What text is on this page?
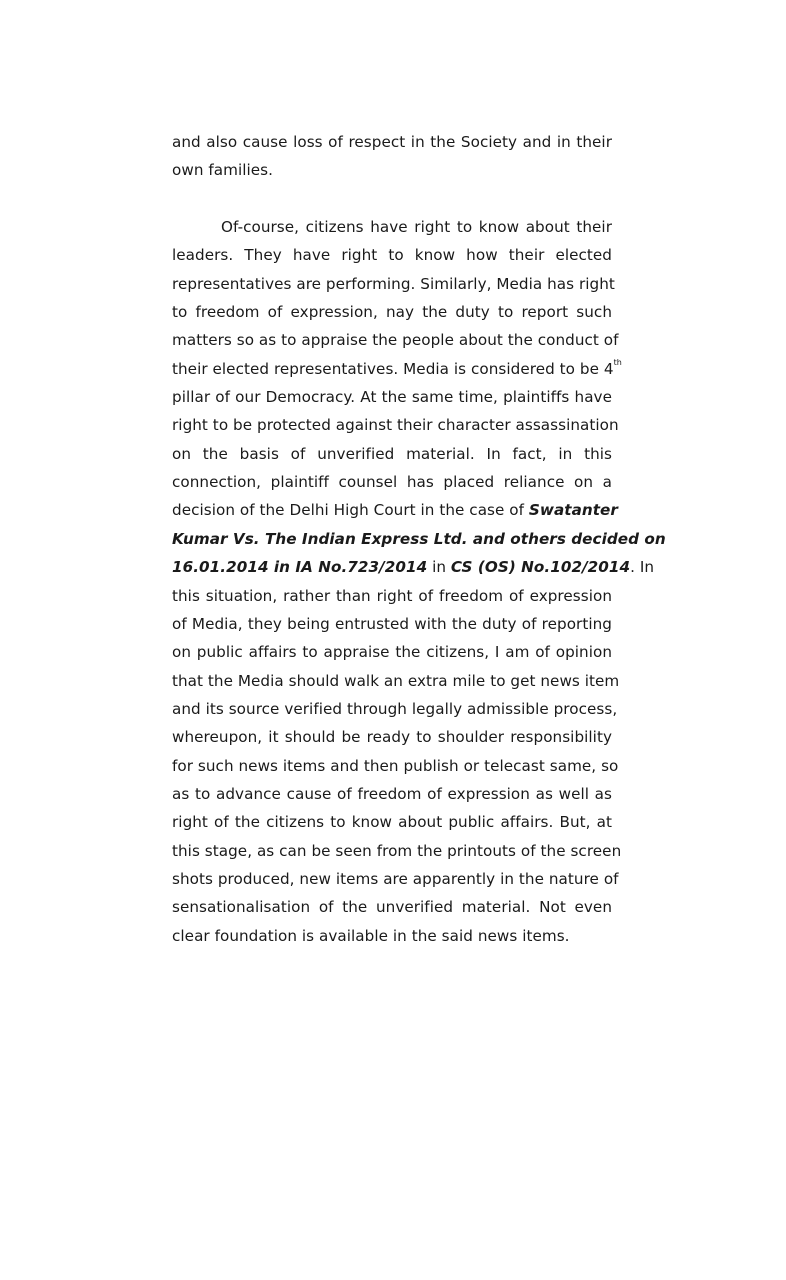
and also cause loss of respect in the Society and in their
own families.
Of-course, citizens have right to know about their
leaders. They have right to know how their elected
representatives are performing. Similarly, Media has right
to freedom of expression, nay the duty to report such
matters so as to appraise the people about the conduct of
their elected representatives. Media is considered to be 4th
pillar of our Democracy. At the same time, plaintiffs have
right to be protected against their character assassination
on the basis of unverified material. In fact, in this
connection, plaintiff counsel has placed reliance on a
decision of the Delhi High Court in the case of Swatanter
Kumar Vs. The Indian Express Ltd. and others decided on
16.01.2014 in IA No.723/2014 in CS (OS) No.102/2014. In
this situation, rather than right of freedom of expression
of Media, they being entrusted with the duty of reporting
on public affairs to appraise the citizens, I am of opinion
that the Media should walk an extra mile to get news item
and its source verified through legally admissible process,
whereupon, it should be ready to shoulder responsibility
for such news items and then publish or telecast same, so
as to advance cause of freedom of expression as well as
right of the citizens to know about public affairs. But, at
this stage, as can be seen from the printouts of the screen
shots produced, new items are apparently in the nature of
sensationalisation of the unverified material. Not even
clear foundation is available in the said news items.
